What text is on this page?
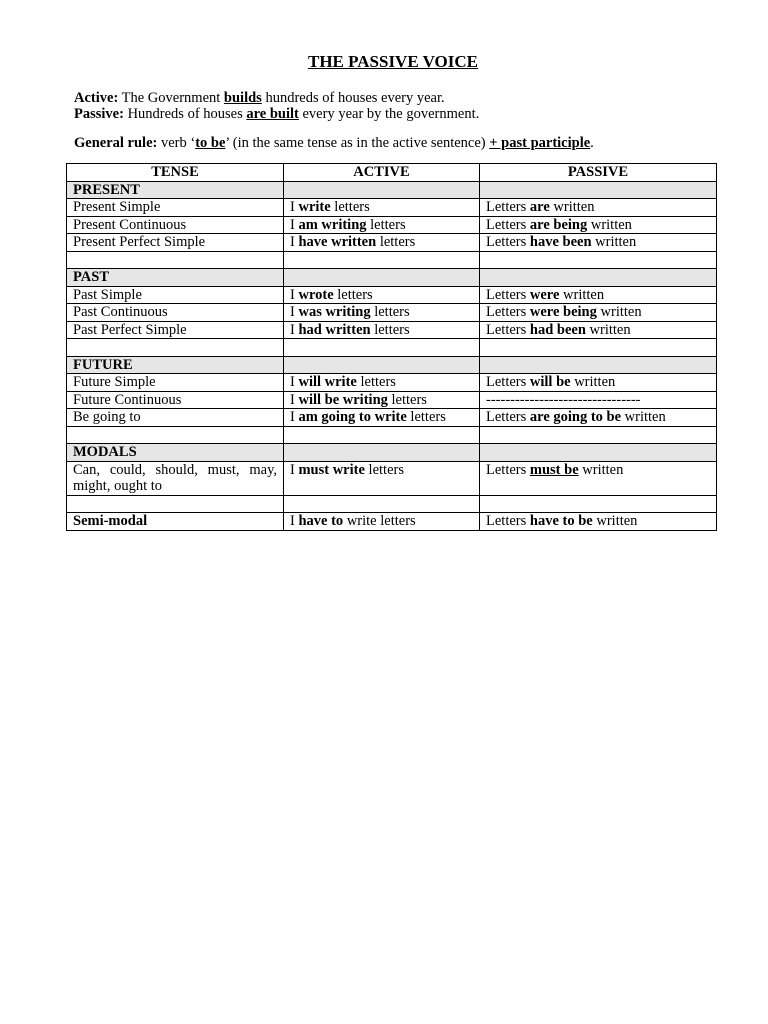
THE PASSIVE VOICE
Active: The Government builds hundreds of houses every year.
Passive: Hundreds of houses are built every year by the government.
General rule: verb ‘to be’ (in the same tense as in the active sentence) + past participle.
TENSE	ACTIVE	PASSIVE
PRESENT		
Present Simple	I write letters	Letters are written
Present Continuous	I am writing letters	Letters are being written
Present Perfect Simple	I have written letters	Letters have been written

PAST		
Past Simple	I wrote letters	Letters were written
Past Continuous	I was writing letters	Letters were being written
Past Perfect Simple	I had written letters	Letters had been written

FUTURE		
Future Simple	I will write letters	Letters will be written
Future Continuous	I will be writing letters	--------------------------------
Be going to	I am going to write letters	Letters are going to be written

MODALS		
Can, could, should, must, may, might, ought to	I must write letters	Letters must be written

Semi-modal	I have to write letters	Letters have to be written
